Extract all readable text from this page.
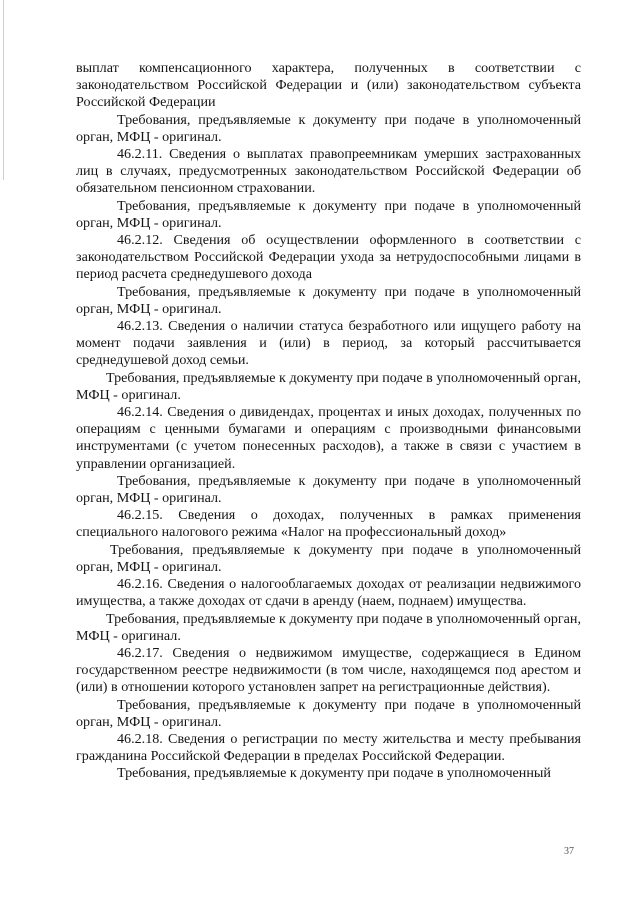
выплат компенсационного характера, полученных в соответствии с законодательством Российской Федерации и (или) законодательством субъекта Российской Федерации

Требования, предъявляемые к документу при подаче в уполномоченный орган, МФЦ - оригинал.

46.2.11. Сведения о выплатах правопреемникам умерших застрахованных лиц в случаях, предусмотренных законодательством Российской Федерации об обязательном пенсионном страховании.

Требования, предъявляемые к документу при подаче в уполномоченный орган, МФЦ - оригинал.

46.2.12. Сведения об осуществлении оформленного в соответствии с законодательством Российской Федерации ухода за нетрудоспособными лицами в период расчета среднедушевого дохода

Требования, предъявляемые к документу при подаче в уполномоченный орган, МФЦ - оригинал.

46.2.13. Сведения о наличии статуса безработного или ищущего работу на момент подачи заявления и (или) в период, за который рассчитывается среднедушевой доход семьи.

Требования, предъявляемые к документу при подаче в уполномоченный орган, МФЦ - оригинал.

46.2.14. Сведения о дивидендах, процентах и иных доходах, полученных по операциям с ценными бумагами и операциям с производными финансовыми инструментами (с учетом понесенных расходов), а также в связи с участием в управлении организацией.

Требования, предъявляемые к документу при подаче в уполномоченный орган, МФЦ - оригинал.

46.2.15. Сведения о доходах, полученных в рамках применения специального налогового режима «Налог на профессиональный доход»

Требования, предъявляемые к документу при подаче в уполномоченный орган, МФЦ - оригинал.

46.2.16. Сведения о налогооблагаемых доходах от реализации недвижимого имущества, а также доходах от сдачи в аренду (наем, поднаем) имущества.

Требования, предъявляемые к документу при подаче в уполномоченный орган, МФЦ - оригинал.

46.2.17. Сведения о недвижимом имуществе, содержащиеся в Едином государственном реестре недвижимости (в том числе, находящемся под арестом и (или) в отношении которого установлен запрет на регистрационные действия).

Требования, предъявляемые к документу при подаче в уполномоченный орган, МФЦ - оригинал.

46.2.18. Сведения о регистрации по месту жительства и месту пребывания гражданина Российской Федерации в пределах Российской Федерации.

Требования, предъявляемые к документу при подаче в уполномоченный

37
